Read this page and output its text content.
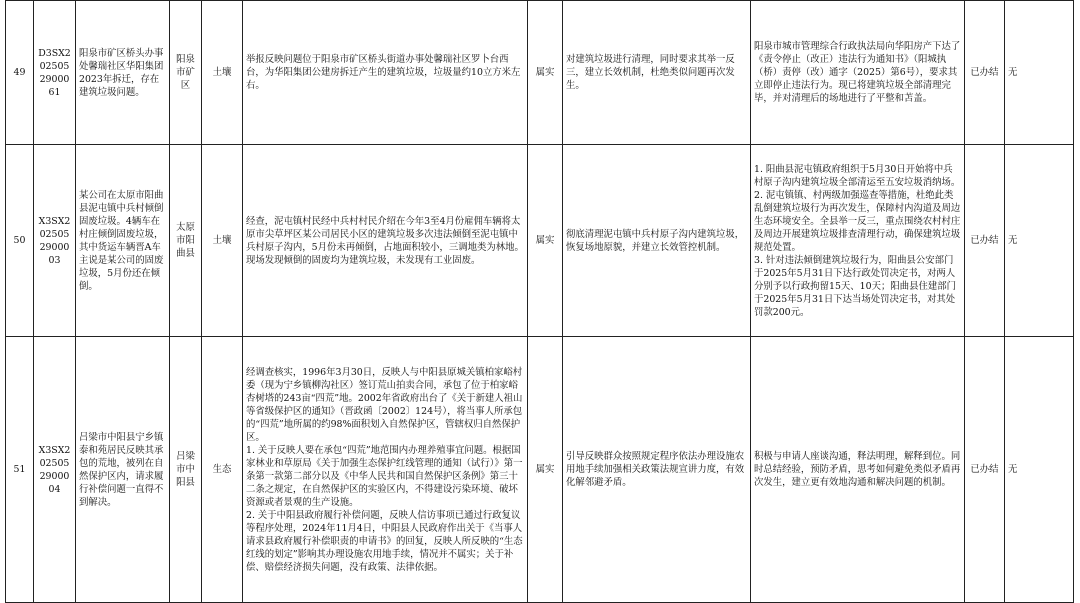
49	D3SX2025052900061	阳泉市矿区桥头办事处馨瑞社区华阳集团2023年拆迁，存在建筑垃圾问题。	阳泉市矿区	土壤	举报反映问题位于阳泉市矿区桥头街道办事处馨瑞社区罗卜台西台，为华阳集团公建房拆迁产生的建筑垃圾，垃圾量约10立方米左右。	属实	对建筑垃圾进行清理，同时要求其举一反三，建立长效机制，杜绝类似问题再次发生。	阳泉市城市管理综合行政执法局向华阳房产下达了《责令停止（改正）违法行为通知书》（阳城执（桥）责停（改）通字（2025）第6号），要求其立即停止违法行为。现已将建筑垃圾全部清理完毕，并对清理后的场地进行了平整和苫盖。	已办结	无
50	X3SX2025052900003	某公司在太原市阳曲县泥屯镇中兵村倾倒固废垃圾。4辆车在村庄倾倒固废垃圾，其中货运车辆晋A车主说是某公司的固废垃圾，5月份还在倾倒。	太原市阳曲县	土壤	经查，泥屯镇村民经中兵村村民介绍在今年3至4月份雇佣车辆将太原市尖草坪区某公司居民小区的建筑垃圾多次违法倾倒至泥屯镇中兵村原子沟内，5月份未再倾倒，占地面积较小，三调地类为林地。现场发现倾倒的固废均为建筑垃圾，未发现有工业固废。	属实	彻底清理泥屯镇中兵村原子沟内建筑垃圾，恢复场地原貌，并建立长效管控机制。	1. 阳曲县泥屯镇政府组织于5月30日开始将中兵村原子沟内建筑垃圾全部清运至五安垃圾消纳场。
2. 泥屯镇镇、村两级加强巡查等措施，杜绝此类乱倒建筑垃圾行为再次发生，保障村内沟道及周边生态环境安全。全县举一反三，重点围绕农村村庄及周边开展建筑垃圾排查清理行动，确保建筑垃圾规范处置。
3. 针对违法倾倒建筑垃圾行为，阳曲县公安部门于2025年5月31日下达行政处罚决定书，对两人分别予以行政拘留15天、10天；阳曲县住建部门于2025年5月31日下达当场处罚决定书，对其处罚款200元。	已办结	无
51	X3SX2025052900004	吕梁市中阳县宁乡镇泰和苑居民反映其承包的荒地，被列在自然保护区内，请求履行补偿问题一直得不到解决。	吕梁市中阳县	生态	经调查核实，1996年3月30日，反映人与中阳县原城关镇柏家峪村委（现为宁乡镇柳沟社区）签订荒山拍卖合同，承包了位于柏家峪杏树塔的243亩“四荒”地。2002年省政府出台了《关于新建人祖山等省级保护区的通知》（晋政函〔2002〕124号），将当事人所承包的“四荒”地所属的约98%面积划入自然保护区，管辖权归自然保护区。
1. 关于反映人要在承包“四荒”地范围内办理养殖事宜问题。根据国家林业和草原局《关于加强生态保护红线管理的通知（试行）》第一条第一款第二部分以及《中华人民共和国自然保护区条例》第三十二条之规定，在自然保护区的实验区内，不得建设污染环境、破坏资源或者景观的生产设施。
2. 关于中阳县政府履行补偿问题，反映人信访事项已通过行政复议等程序处理，2024年11月4日，中阳县人民政府作出关于《当事人请求县政府履行补偿职责的申请书》的回复，反映人所反映的“生态红线的划定”影响其办理设施农用地手续，情况并不属实；关于补偿、赔偿经济损失问题，没有政策、法律依据。	属实	引导反映群众按照规定程序依法办理设施农用地手续加强相关政策法规宣讲力度，有效化解邻避矛盾。	积极与申请人座谈沟通，释法明理，解释到位。同时总结经验，预防矛盾，思考如何避免类似矛盾再次发生，建立更有效地沟通和解决问题的机制。	已办结	无
